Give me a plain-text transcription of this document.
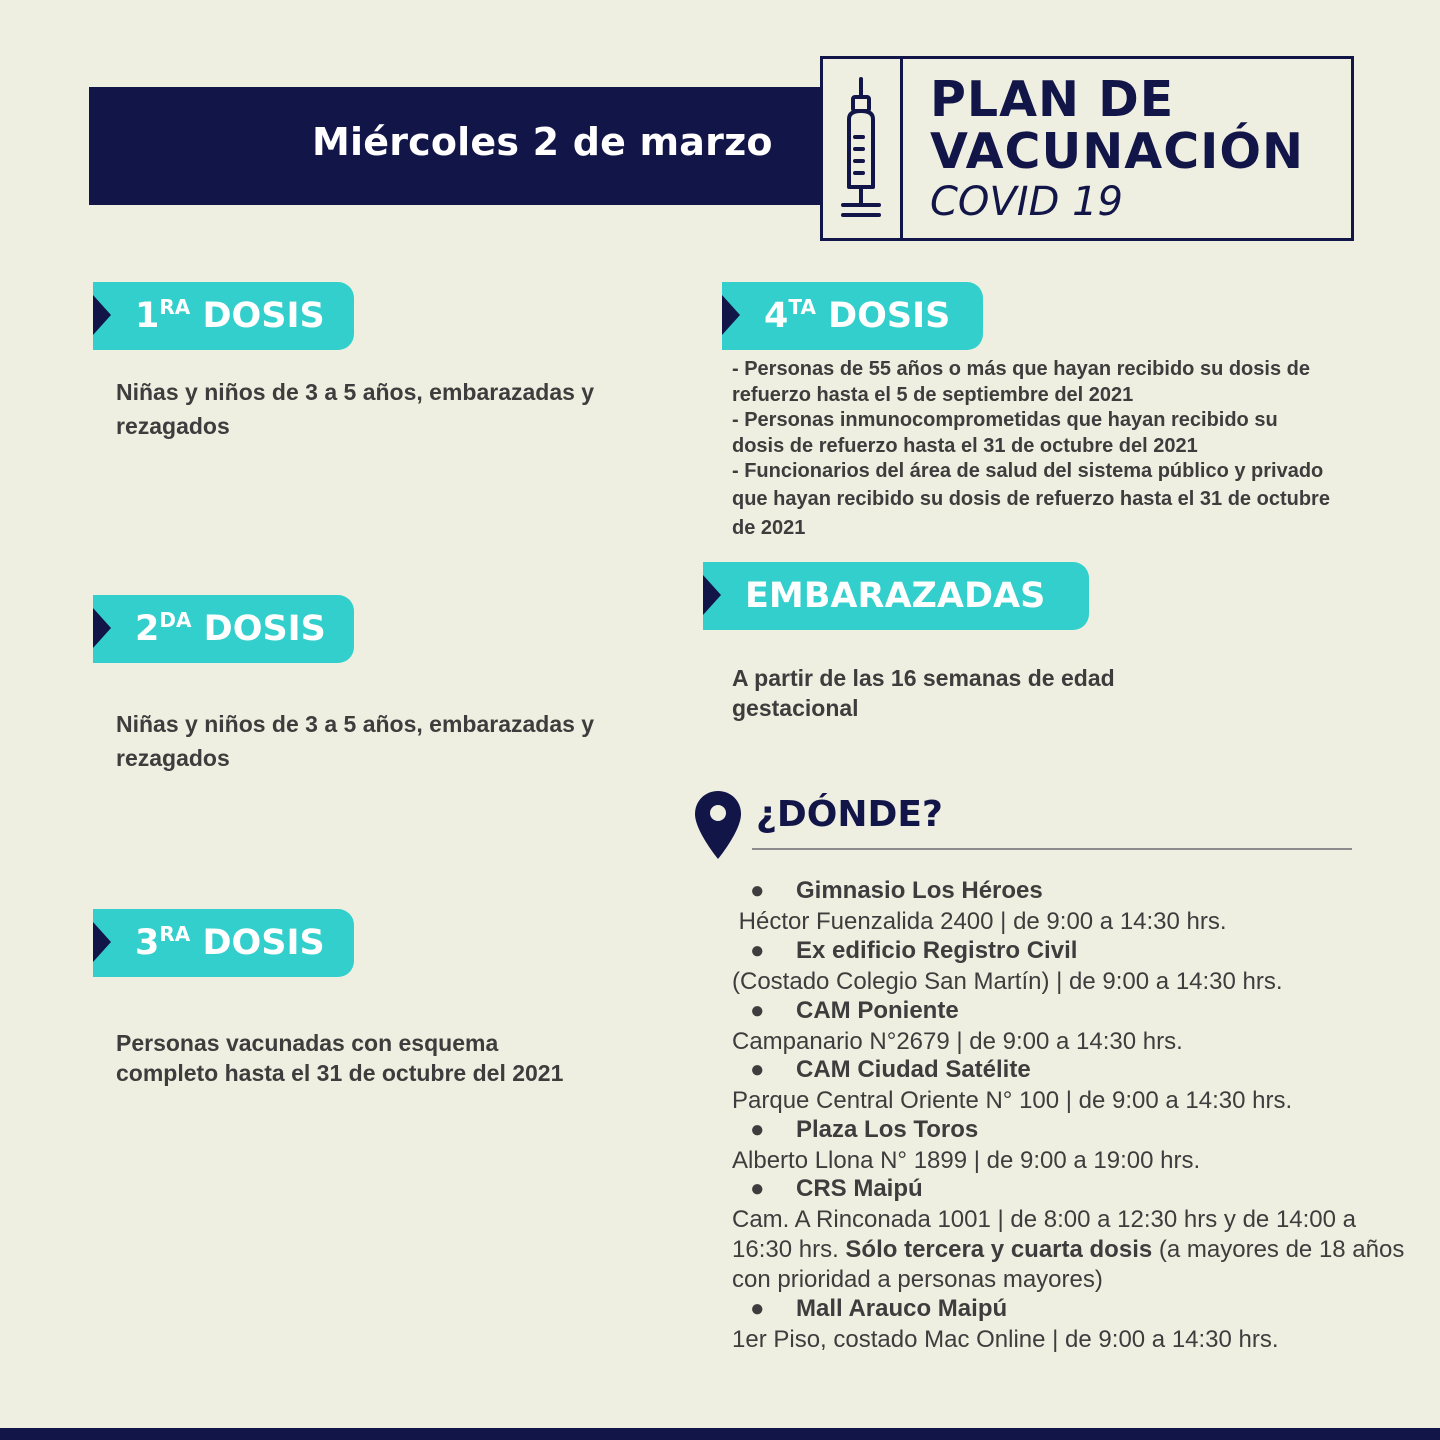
Miércoles 2 de marzo
PLAN DE
VACUNACIÓN
COVID 19
$1^{RA}$ DOSIS
Niñas y niños de 3 a 5 años, embarazadas y
rezagados
$2^{DA}$ DOSIS
Niñas y niños de 3 a 5 años, embarazadas y
rezagados
$3^{RA}$ DOSIS
Personas vacunadas con esquema
completo hasta el 31 de octubre del 2021
$4^{TA}$ DOSIS
- Personas de 55 años o más que hayan recibido su dosis de
refuerzo hasta el 5 de septiembre del 2021
- Personas inmunocomprometidas que hayan recibido su
dosis de refuerzo hasta el 31 de octubre del 2021
- Funcionarios del área de salud del sistema público y privado
que hayan recibido su dosis de refuerzo hasta el 31 de octubre
de 2021
EMBARAZADAS
A partir de las 16 semanas de edad
gestacional
¿DÓNDE?
● Gimnasio Los Héroes
Héctor Fuenzalida 2400 | de 9:00 a 14:30 hrs.
● Ex edificio Registro Civil
(Costado Colegio San Martín) | de 9:00 a 14:30 hrs.
● CAM Poniente
Campanario N°2679 | de 9:00 a 14:30 hrs.
● CAM Ciudad Satélite
Parque Central Oriente N° 100 | de 9:00 a 14:30 hrs.
● Plaza Los Toros
Alberto Llona N° 1899 | de 9:00 a 19:00 hrs.
● CRS Maipú
Cam. A Rinconada 1001 | de 8:00 a 12:30 hrs y de 14:00 a 16:30 hrs. Sólo tercera y cuarta dosis (a mayores de 18 años con prioridad a personas mayores)
● Mall Arauco Maipú
1er Piso, costado Mac Online | de 9:00 a 14:30 hrs.
